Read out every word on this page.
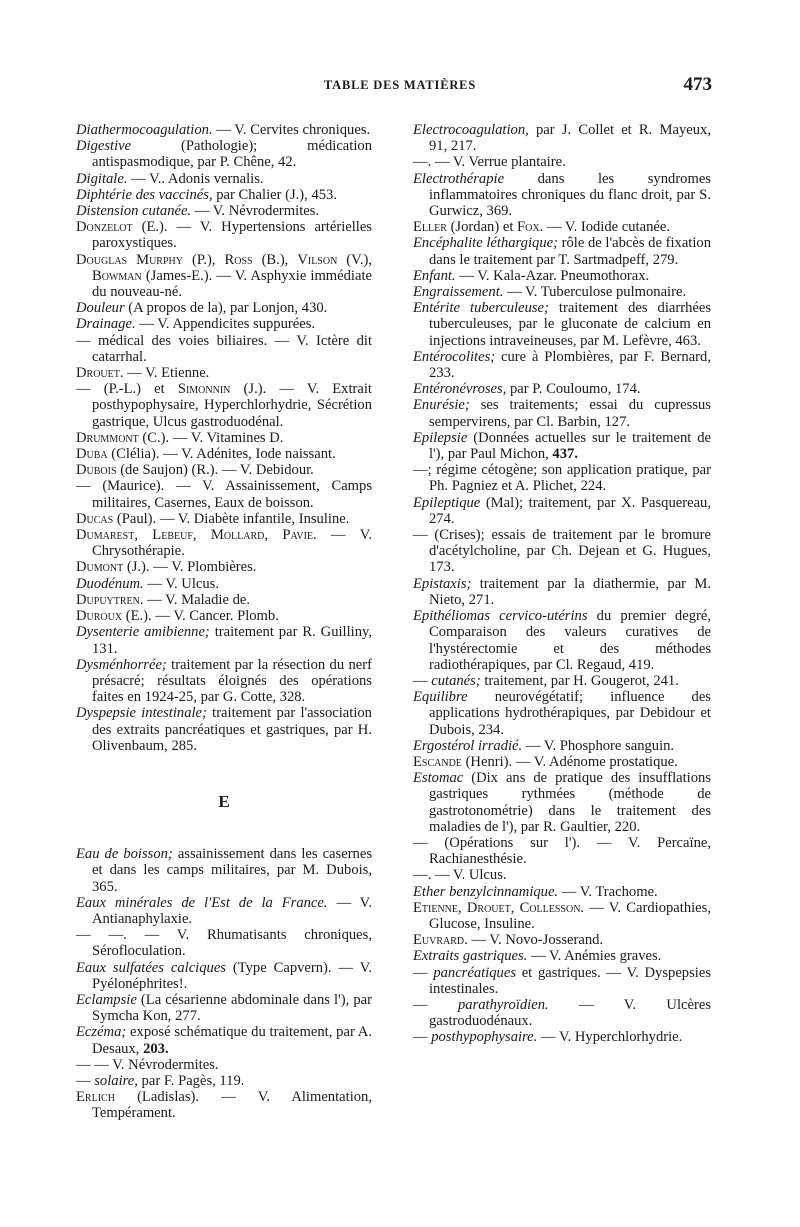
TABLE DES MATIÈRES	473

Diathermocoagulation. — V. Cervites chroniques.

Digestive (Pathologie); médication antispasmodique, par P. Chêne, 42.

Digitale. — V.. Adonis vernalis.

Diphtérie des vaccinés, par Chalier (J.), 453.

Distension cutanée. — V. Névrodermites.

Donzelot (E.). — V. Hypertensions artérielles paroxystiques.

Douglas Murphy (P.), Ross (B.), Vilson (V.), Bowman (James-E.). — V. Asphyxie immédiate du nouveau-né.

Douleur (A propos de la), par Lonjon, 430.

Drainage. — V. Appendicites suppurées.

— médical des voies biliaires. — V. Ictère dit catarrhal.

Drouet. — V. Etienne.

— (P.-L.) et Simonnin (J.). — V. Extrait posthypophysaire, Hyperchlorhydrie, Sécrétion gastrique, Ulcus gastroduodénal.

Drummont (C.). — V. Vitamines D.

Duba (Clélia). — V. Adénites, Iode naissant.

Dubois (de Saujon) (R.). — V. Debidour.

— (Maurice). — V. Assainissement, Camps militaires, Casernes, Eaux de boisson.

Ducas (Paul). — V. Diabète infantile, Insuline.

Dumarest, Lebeuf, Mollard, Pavie. — V. Chrysothérapie.

Dumont (J.). — V. Plombières.

Duodénum. — V. Ulcus.

Dupuytren. — V. Maladie de.

Duroux (E.). — V. Cancer. Plomb.

Dysenterie amibienne; traitement par R. Guilliny, 131.

Dysménhorrée; traitement par la résection du nerf présacré; résultats éloignés des opérations faites en 1924-25, par G. Cotte, 328.

Dyspepsie intestinale; traitement par l'association des extraits pancréatiques et gastriques, par H. Olivenbaum, 285.

E

Eau de boisson; assainissement dans les casernes et dans les camps militaires, par M. Dubois, 365.

Eaux minérales de l'Est de la France. — V. Antianaphylaxie.

— —. — V. Rhumatisants chroniques, Sérofloculation.

Eaux sulfatées calciques (Type Capvern). — V. Pyélonéphrites!.

Eclampsie (La césarienne abdominale dans l'), par Symcha Kon, 277.

Eczéma; exposé schématique du traitement, par A. Desaux, 203.

— — V. Névrodermites.

— solaire, par F. Pagès, 119.

Erlich (Ladislas). — V. Alimentation, Tempérament.

Electrocoagulation, par J. Collet et R. Mayeux, 91, 217.

—. — V. Verrue plantaire.

Electrothérapie dans les syndromes inflammatoires chroniques du flanc droit, par S. Gurwicz, 369.

Eller (Jordan) et Fox. — V. Iodide cutanée.

Encéphalite léthargique; rôle de l'abcès de fixation dans le traitement par T. Sartmadpeff, 279.

Enfant. — V. Kala-Azar. Pneumothorax.

Engraissement. — V. Tuberculose pulmonaire.

Entérite tuberculeuse; traitement des diarrhées tuberculeuses, par le gluconate de calcium en injections intraveineuses, par M. Lefèvre, 463.

Entérocolites; cure à Plombières, par F. Bernard, 233.

Entéronévroses, par P. Couloumo, 174.

Enurésie; ses traitements; essai du cupressus sempervirens, par Cl. Barbin, 127.

Epilepsie (Données actuelles sur le traitement de l'), par Paul Michon, 437.

—; régime cétogène; son application pratique, par Ph. Pagniez et A. Plichet, 224.

Epileptique (Mal); traitement, par X. Pasquereau, 274.

— (Crises); essais de traitement par le bromure d'acétylcholine, par Ch. Dejean et G. Hugues, 173.

Epistaxis; traitement par la diathermie, par M. Nieto, 271.

Epithéliomas cervico-utérins du premier degré, Comparaison des valeurs curatives de l'hystérectomie et des méthodes radiothérapiques, par Cl. Regaud, 419.

— cutanés; traitement, par H. Gougerot, 241.

Equilibre neurovégétatif; influence des applications hydrothérapiques, par Debidour et Dubois, 234.

Ergostérol irradié. — V. Phosphore sanguin.

Escande (Henri). — V. Adénome prostatique.

Estomac (Dix ans de pratique des insufflations gastriques rythmées (méthode de gastrotonométrie) dans le traitement des maladies de l'), par R. Gaultier, 220.

— (Opérations sur l'). — V. Percaïne, Rachianesthésie.

—. — V. Ulcus.

Ether benzylcinnamique. — V. Trachome.

Etienne, Drouet, Collesson. — V. Cardiopathies, Glucose, Insuline.

Euvrard. — V. Novo-Josserand.

Extraits gastriques. — V. Anémies graves.

— pancréatiques et gastriques. — V. Dyspepsies intestinales.

— parathyroïdien. — V. Ulcères gastroduodénaux.

— posthypophysaire. — V. Hyperchlorhydrie.
